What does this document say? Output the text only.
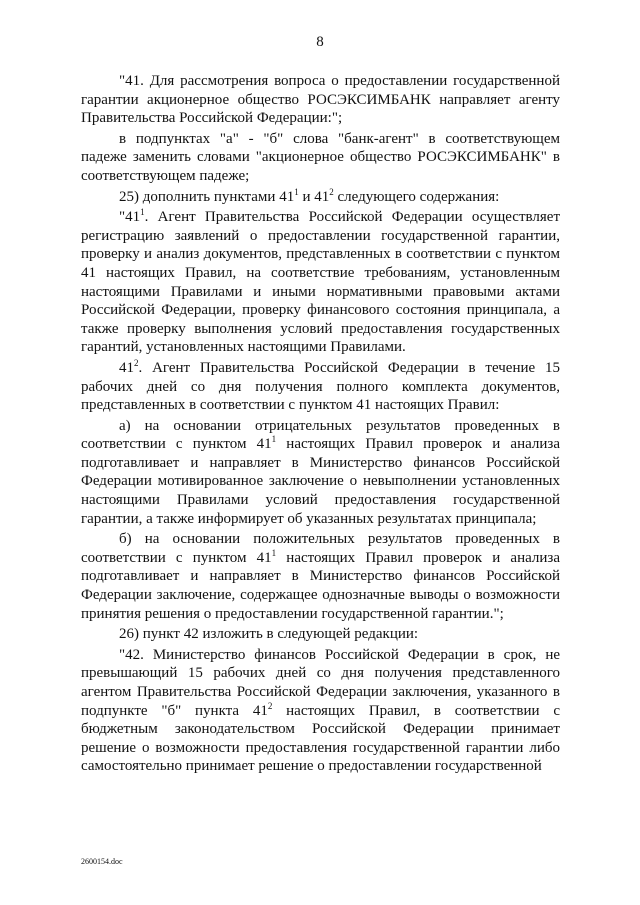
8

"41. Для рассмотрения вопроса о предоставлении государственной гарантии акционерное общество РОСЭКСИМБАНК направляет агенту Правительства Российской Федерации:";

в подпунктах "а" - "б" слова "банк-агент" в соответствующем падеже заменить словами "акционерное общество РОСЭКСИМБАНК" в соответствующем падеже;

25) дополнить пунктами $41^1$ и $41^2$ следующего содержания:

"$41^1$. Агент Правительства Российской Федерации осуществляет регистрацию заявлений о предоставлении государственной гарантии, проверку и анализ документов, представленных в соответствии с пунктом 41 настоящих Правил, на соответствие требованиям, установленным настоящими Правилами и иными нормативными правовыми актами Российской Федерации, проверку финансового состояния принципала, а также проверку выполнения условий предоставления государственных гарантий, установленных настоящими Правилами.

$41^2$. Агент Правительства Российской Федерации в течение 15 рабочих дней со дня получения полного комплекта документов, представленных в соответствии с пунктом 41 настоящих Правил:

а) на основании отрицательных результатов проведенных в соответствии с пунктом $41^1$ настоящих Правил проверок и анализа подготавливает и направляет в Министерство финансов Российской Федерации мотивированное заключение о невыполнении установленных настоящими Правилами условий предоставления государственной гарантии, а также информирует об указанных результатах принципала;

б) на основании положительных результатов проведенных в соответствии с пунктом $41^1$ настоящих Правил проверок и анализа подготавливает и направляет в Министерство финансов Российской Федерации заключение, содержащее однозначные выводы о возможности принятия решения о предоставлении государственной гарантии.";

26) пункт 42 изложить в следующей редакции:

"42. Министерство финансов Российской Федерации в срок, не превышающий 15 рабочих дней со дня получения представленного агентом Правительства Российской Федерации заключения, указанного в подпункте "б" пункта $41^2$ настоящих Правил, в соответствии с бюджетным законодательством Российской Федерации принимает решение о возможности предоставления государственной гарантии либо самостоятельно принимает решение о предоставлении государственной

2600154.doc
